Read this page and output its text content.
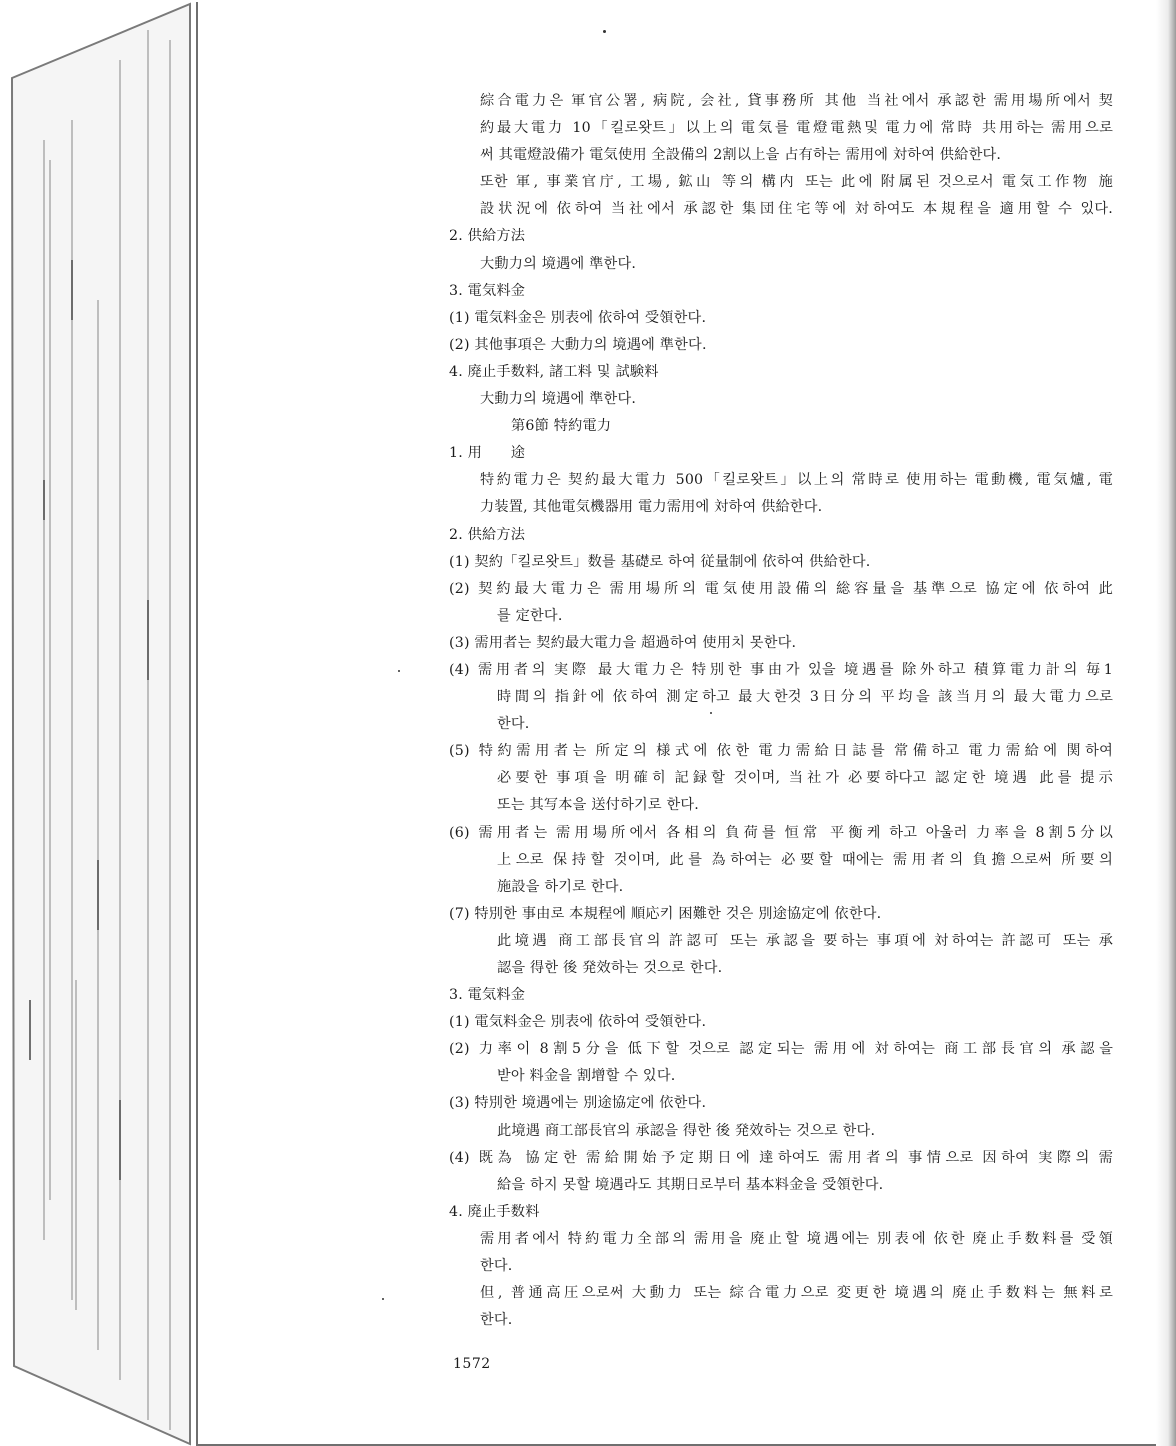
綜合電力은 軍官公署, 病院, 会社, 貸事務所 其他 当社에서 承認한 需用場所에서 契
約最大電力 10「킬로왓트」以上의 電気를 電燈電熱및 電力에 常時 共用하는 需用으로
써 其電燈設備가 電気使用 全設備의 2割以上을 占有하는 需用에 対하여 供給한다.
또한 軍, 事業官庁, 工場, 鉱山 等의 構内 또는 此에 附属된 것으로서 電気工作物 施
設状況에 依하여 当社에서 承認한 集団住宅等에 対하여도 本規程을 適用할 수 있다.
2. 供給方法
大動力의 境遇에 準한다.
3. 電気料金
(1) 電気料金은 別表에 依하여 受領한다.
(2) 其他事項은 大動力의 境遇에 準한다.
4. 廃止手数料, 諸工料 및 試験料
大動力의 境遇에 準한다.
第6節 特約電力
1. 用　　途
特約電力은 契約最大電力 500「킬로왓트」以上의 常時로 使用하는 電動機, 電気爐, 電
力装置, 其他電気機器用 電力需用에 対하여 供給한다.
2. 供給方法
(1) 契約「킬로왓트」数를 基礎로 하여 従量制에 依하여 供給한다.
(2) 契約最大電力은 需用場所의 電気使用設備의 総容量을 基準으로 協定에 依하여 此
를 定한다.
(3) 需用者는 契約最大電力을 超過하여 使用치 못한다.
(4) 需用者의 実際 最大電力은 特別한 事由가 있을 境遇를 除外하고 積算電力計의 毎1
時間의 指針에 依하여 測定하고 最大한것 3日分의 平均을 該当月의 最大電力으로
한다.
(5) 特約需用者는 所定의 様式에 依한 電力需給日誌를 常備하고 電力需給에 関하여
必要한 事項을 明確히 記録할 것이며, 当社가 必要하다고 認定한 境遇 此를 提示
또는 其写本을 送付하기로 한다.
(6) 需用者는 需用場所에서 各相의 負荷를 恒常 平衡케 하고 아울러 力率을 8割5分以
上으로 保持할 것이며, 此를 為하여는 必要할 때에는 需用者의 負擔으로써 所要의
施設을 하기로 한다.
(7) 特別한 事由로 本規程에 順応키 困難한 것은 別途協定에 依한다.
此境遇 商工部長官의 許認可 또는 承認을 要하는 事項에 対하여는 許認可 또는 承
認을 得한 後 発效하는 것으로 한다.
3. 電気料金
(1) 電気料金은 別表에 依하여 受領한다.
(2) 力率이 8割5分을 低下할 것으로 認定되는 需用에 対하여는 商工部長官의 承認을
받아 料金을 割增할 수 있다.
(3) 特別한 境遇에는 別途協定에 依한다.
此境遇 商工部長官의 承認을 得한 後 発效하는 것으로 한다.
(4) 既為 協定한 需給開始予定期日에 達하여도 需用者의 事情으로 因하여 実際의 需
給을 하지 못할 境遇라도 其期日로부터 基本料金을 受領한다.
4. 廃止手数料
需用者에서 特約電力全部의 需用을 廃止할 境遇에는 別表에 依한 廃止手数料를 受領
한다.
但, 普通高圧으로써 大動力 또는 綜合電力으로 変更한 境遇의 廃止手数料는 無料로
한다.
1572
